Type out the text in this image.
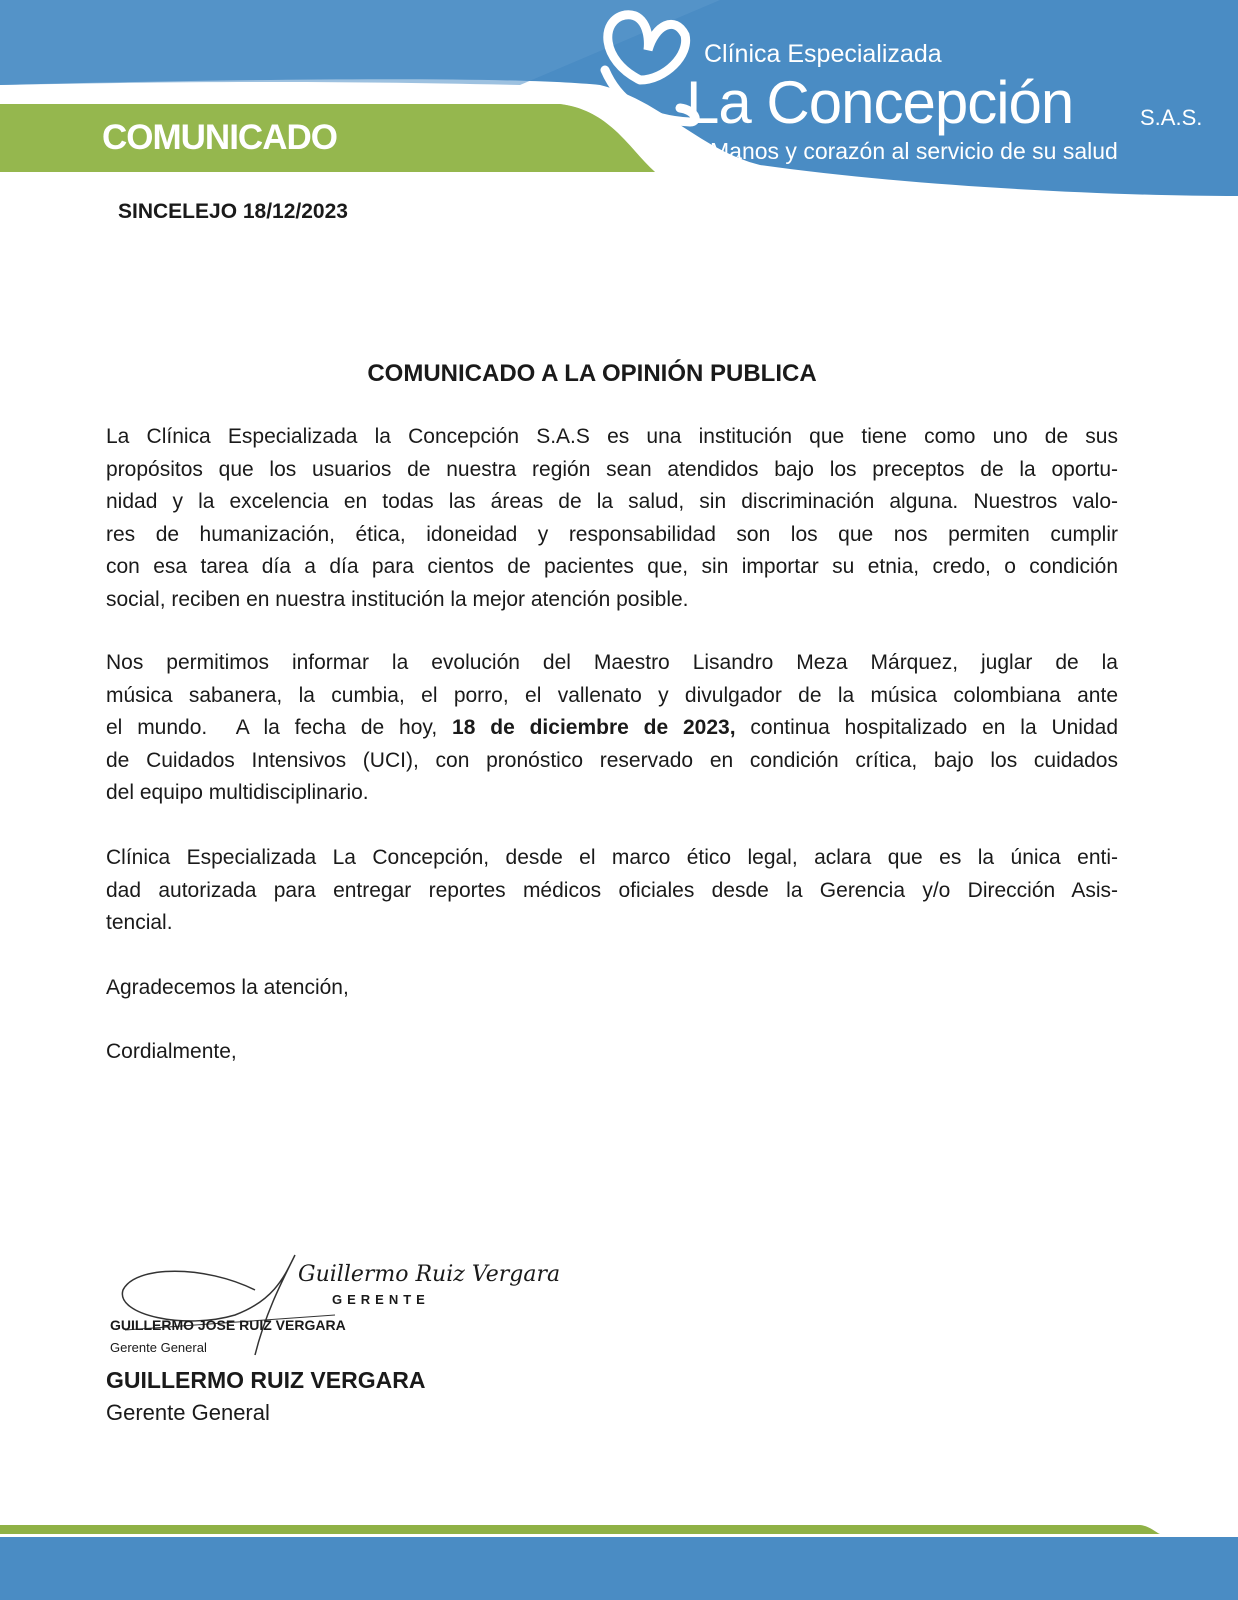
COMUNICADO
Clínica Especializada
La Concepción	S.A.S.
Manos y corazón al servicio de su salud
SINCELEJO 18/12/2023
COMUNICADO A LA OPINIÓN PUBLICA
La Clínica Especializada la Concepción S.A.S es una institución que tiene como uno de sus
propósitos que los usuarios de nuestra región sean atendidos bajo los preceptos de la oportu-
nidad y la excelencia en todas las áreas de la salud, sin discriminación alguna. Nuestros valo-
res de humanización, ética, idoneidad y responsabilidad son los que nos permiten cumplir
con esa tarea día a día para cientos de pacientes que, sin importar su etnia, credo, o condición
social, reciben en nuestra institución la mejor atención posible.
Nos permitimos informar la evolución del Maestro Lisandro Meza Márquez, juglar de la
música sabanera, la cumbia, el porro, el vallenato y divulgador de la música colombiana ante
el mundo.  A la fecha de hoy, 18 de diciembre de 2023, continua hospitalizado en la Unidad
de Cuidados Intensivos (UCI), con pronóstico reservado en condición crítica, bajo los cuidados
del equipo multidisciplinario.
Clínica Especializada La Concepción, desde el marco ético legal, aclara que es la única enti-
dad autorizada para entregar reportes médicos oficiales desde la Gerencia y/o Dirección Asis-
tencial.
Agradecemos la atención,
Cordialmente,
Guillermo Ruiz Vergara
GERENTE
GUILLERMO JOSE RUIZ VERGARA
Gerente General
GUILLERMO RUIZ VERGARA
Gerente General
